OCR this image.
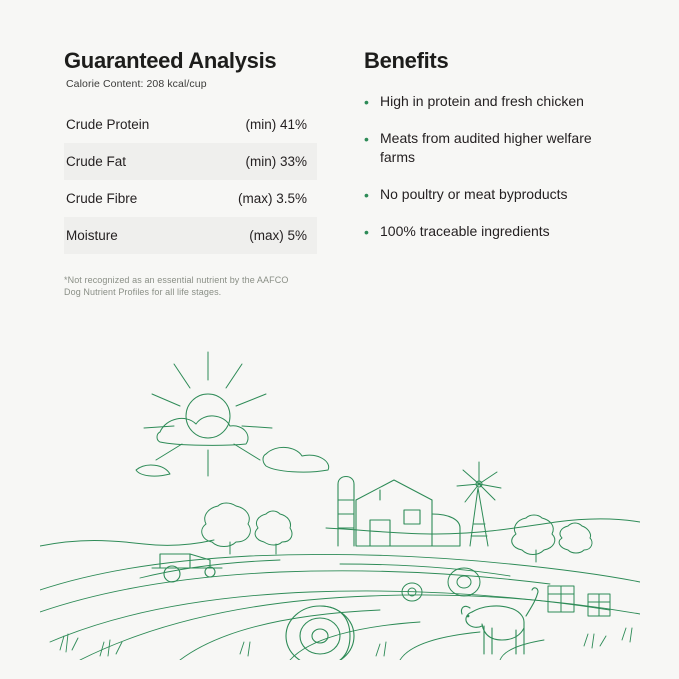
Guaranteed Analysis

Calorie Content: 208 kcal/cup

Crude Protein	(min) 41%
Crude Fat	(min) 33%
Crude Fibre	(max) 3.5%
Moisture	(max) 5%
*Not recognized as an essential nutrient by the AAFCO Dog Nutrient Profiles for all life stages.
Benefits
• High in protein and fresh chicken
• Meats from audited higher welfare farms
• No poultry or meat byproducts
• 100% traceable ingredients
